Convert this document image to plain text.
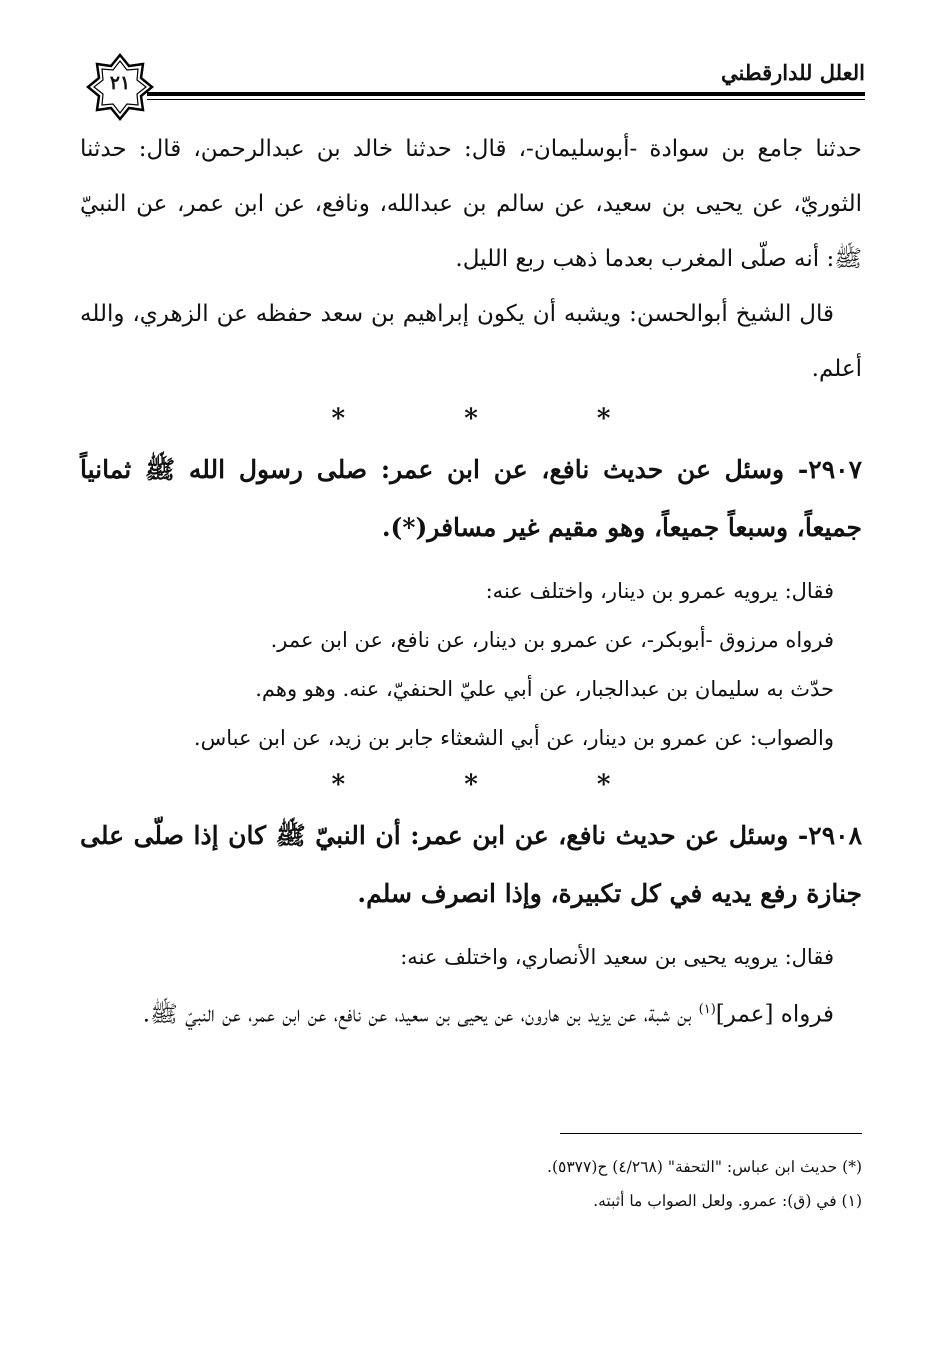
العلل للدارقطني
٢١

حدثنا جامع بن سوادة -أبوسليمان-، قال: حدثنا خالد بن عبدالرحمن، قال: حدثنا الثوريّ، عن يحيى بن سعيد، عن سالم بن عبدالله، ونافع، عن ابن عمر، عن النبيّ ﷺ: أنه صلّى المغرب بعدما ذهب ربع الليل.

قال الشيخ أبوالحسن: ويشبه أن يكون إبراهيم بن سعد حفظه عن الزهري، والله أعلم.

* * *

٢٩٠٧- وسئل عن حديث نافع، عن ابن عمر: صلى رسول الله ﷺ ثمانياً جميعاً، وسبعاً جميعاً، وهو مقيم غير مسافر(*).

فقال: يرويه عمرو بن دينار، واختلف عنه:

فرواه مرزوق -أبوبكر-، عن عمرو بن دينار، عن نافع، عن ابن عمر.

حدّث به سليمان بن عبدالجبار، عن أبي عليّ الحنفيّ، عنه. وهو وهم.

والصواب: عن عمرو بن دينار، عن أبي الشعثاء جابر بن زيد، عن ابن عباس.

* * *

٢٩٠٨- وسئل عن حديث نافع، عن ابن عمر: أن النبيّ ﷺ كان إذا صلّى على جنازة رفع يديه في كل تكبيرة، وإذا انصرف سلم.

فقال: يرويه يحيى بن سعيد الأنصاري، واختلف عنه:

فرواه [عمر]$^{(١)}$ بن شبة، عن يزيد بن هارون، عن يحيى بن سعيد، عن نافع، عن ابن عمر، عن النبيّ ﷺ.

(*) حديث ابن عباس: "التحفة" (٤/٢٦٨) ح(٥٣٧٧).

(١) في (ق): عمرو. ولعل الصواب ما أثبته.
